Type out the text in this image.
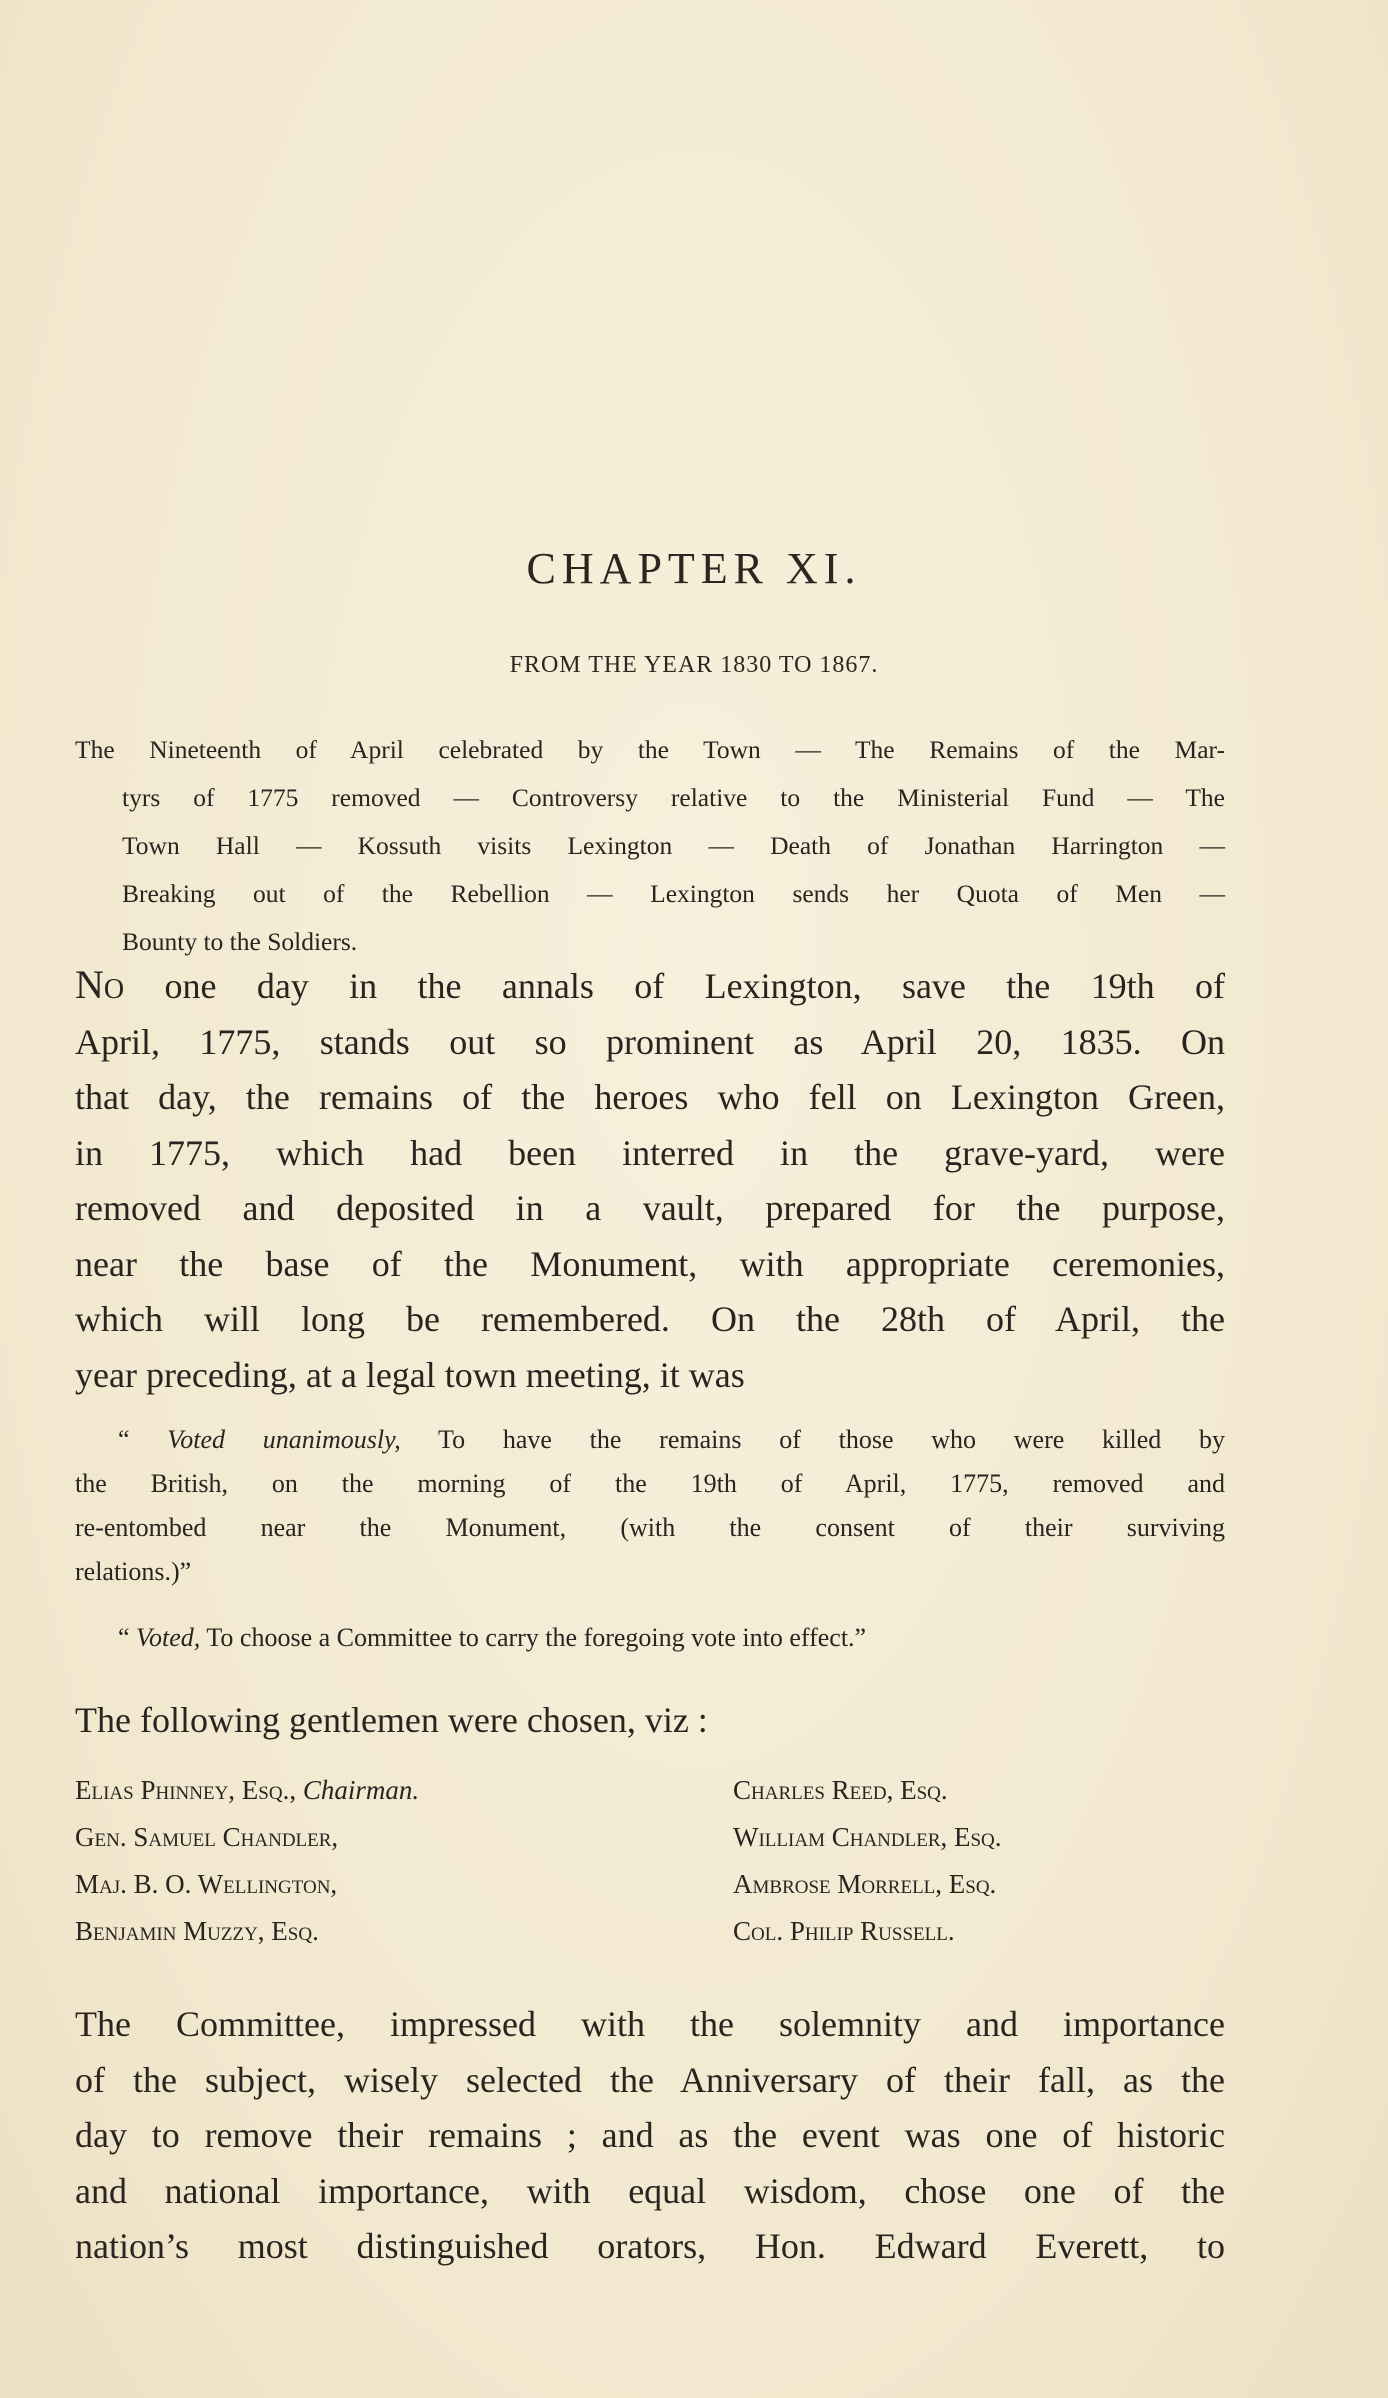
CHAPTER XI.
FROM THE YEAR 1830 TO 1867.
The Nineteenth of April celebrated by the Town — The Remains of the Mar-
tyrs of 1775 removed — Controversy relative to the Ministerial Fund — The
Town Hall — Kossuth visits Lexington — Death of Jonathan Harrington —
Breaking out of the Rebellion — Lexington sends her Quota of Men —
Bounty to the Soldiers.
No one day in the annals of Lexington, save the 19th of
April, 1775, stands out so prominent as April 20, 1835. On
that day, the remains of the heroes who fell on Lexington Green,
in 1775, which had been interred in the grave-yard, were
removed and deposited in a vault, prepared for the purpose,
near the base of the Monument, with appropriate ceremonies,
which will long be remembered. On the 28th of April, the
year preceding, at a legal town meeting, it was
“ Voted unanimously, To have the remains of those who were killed by
the British, on the morning of the 19th of April, 1775, removed and
re-entombed near the Monument, (with the consent of their surviving
relations.)”
“ Voted, To choose a Committee to carry the foregoing vote into effect.”
The following gentlemen were chosen, viz :
Elias Phinney, Esq., Chairman.
Gen. Samuel Chandler,
Maj. B. O. Wellington,
Benjamin Muzzy, Esq.
Charles Reed, Esq.
William Chandler, Esq.
Ambrose Morrell, Esq.
Col. Philip Russell.
The Committee, impressed with the solemnity and importance
of the subject, wisely selected the Anniversary of their fall, as the
day to remove their remains ; and as the event was one of historic
and national importance, with equal wisdom, chose one of the
nation’s most distinguished orators, Hon. Edward Everett, to
